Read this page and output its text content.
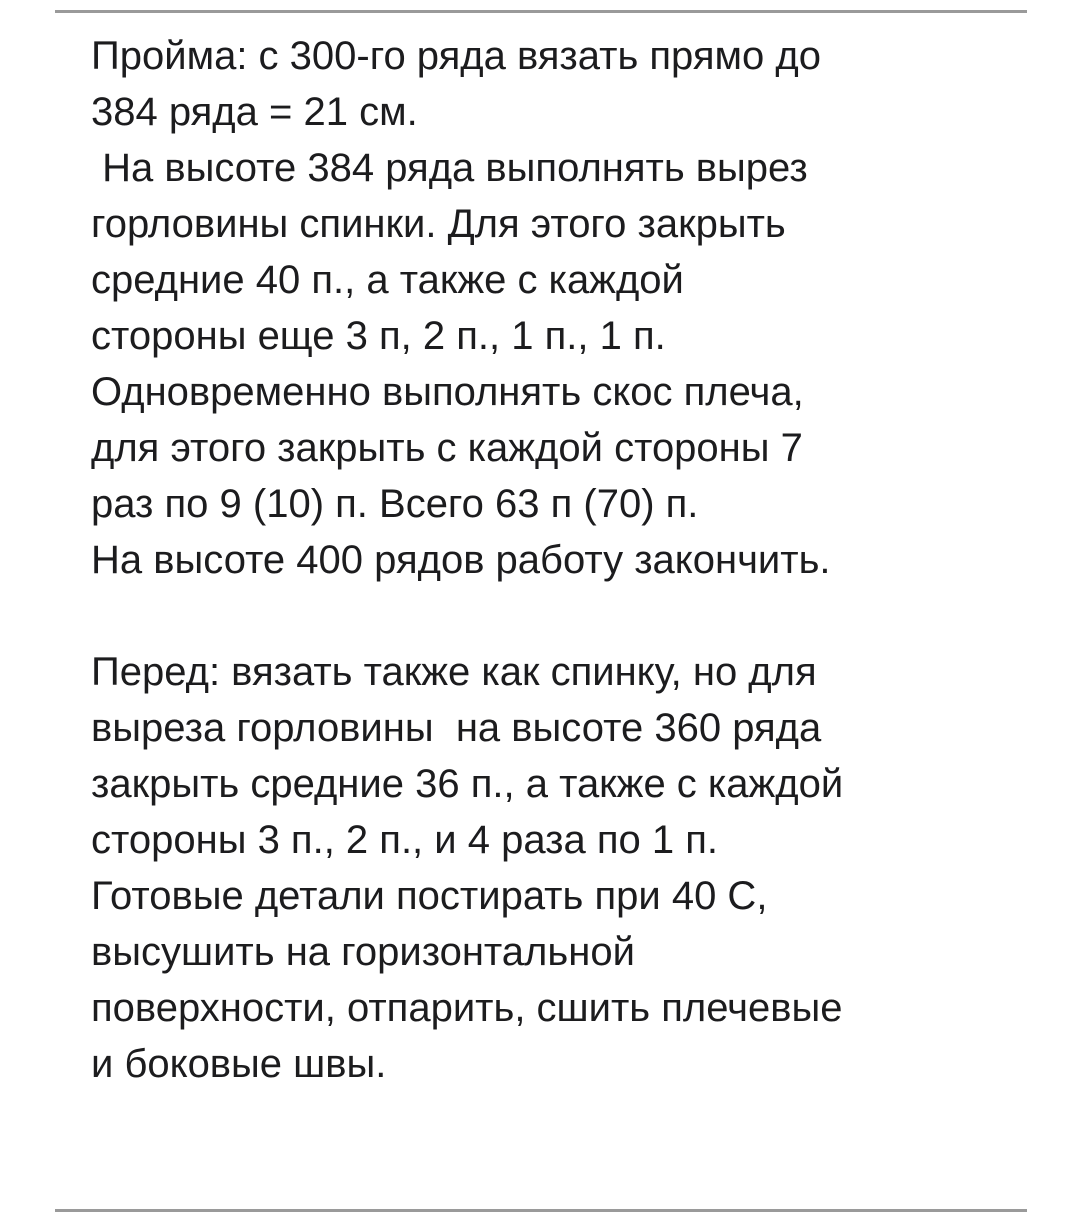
Пройма: с 300-го ряда вязать прямо до
384 ряда = 21 см.
На высоте 384 ряда выполнять вырез
горловины спинки. Для этого закрыть
средние 40 п., а также с каждой
стороны еще 3 п, 2 п., 1 п., 1 п.
Одновременно выполнять скос плеча,
для этого закрыть с каждой стороны 7
раз по 9 (10) п. Всего 63 п (70) п.
На высоте 400 рядов работу закончить.
Перед: вязать также как спинку, но для
выреза горловины  на высоте 360 ряда
закрыть средние 36 п., а также с каждой
стороны 3 п., 2 п., и 4 раза по 1 п.
Готовые детали постирать при 40 С,
высушить на горизонтальной
поверхности, отпарить, сшить плечевые
и боковые швы.
